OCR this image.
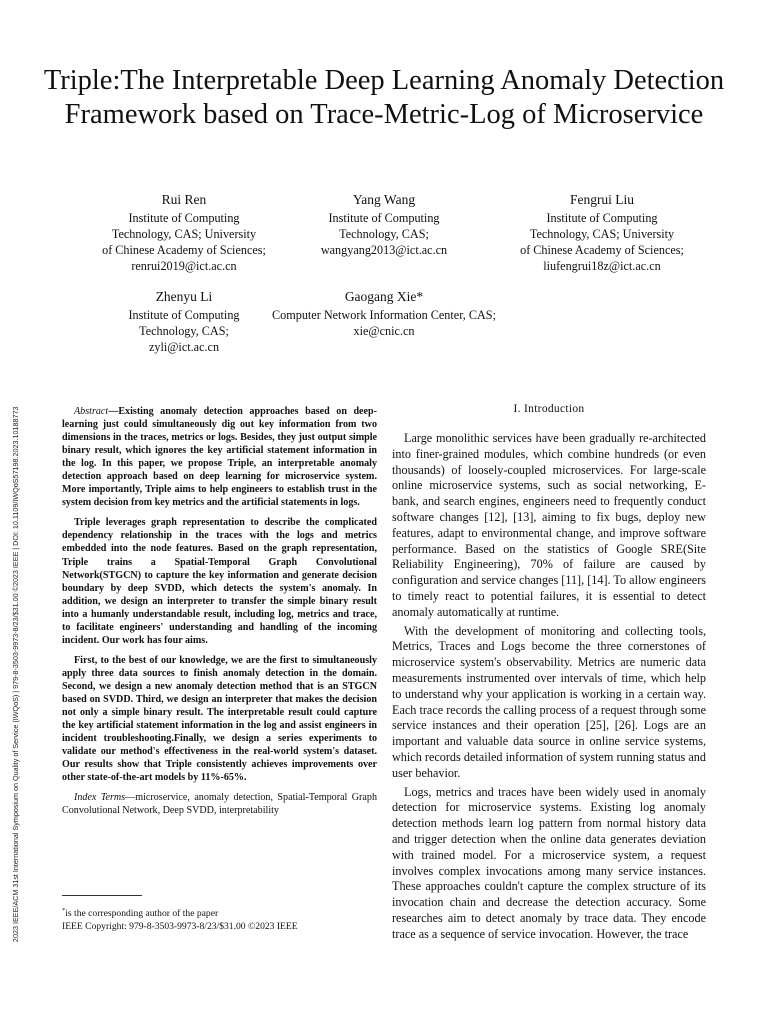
2023 IEEE/ACM 31st International Symposium on Quality of Service (IWQoS) | 979-8-3503-9973-8/23/$31.00 ©2023 IEEE | DOI: 10.1109/IWQoS57198.2023.10188773
Triple:The Interpretable Deep Learning Anomaly Detection Framework based on Trace-Metric-Log of Microservice
Rui Ren
Institute of Computing
Technology, CAS; University
of Chinese Academy of Sciences;
renrui2019@ict.ac.cn
Yang Wang
Institute of Computing
Technology, CAS;
wangyang2013@ict.ac.cn
Fengrui Liu
Institute of Computing
Technology, CAS; University
of Chinese Academy of Sciences;
liufengrui18z@ict.ac.cn
Zhenyu Li
Institute of Computing
Technology, CAS;
zyli@ict.ac.cn
Gaogang Xie*
Computer Network Information Center, CAS;
xie@cnic.cn

Abstract—Existing anomaly detection approaches based on deep-learning just could simultaneously dig out key information from two dimensions in the traces, metrics or logs. Besides, they just output simple binary result, which ignores the key artificial statement information in the log. In this paper, we propose Triple, an interpretable anomaly detection approach based on deep learning for microservice system. More importantly, Triple aims to help engineers to establish trust in the system decision from key metrics and the artificial statements in logs.

Triple leverages graph representation to describe the complicated dependency relationship in the traces with the logs and metrics embedded into the node features. Based on the graph representation, Triple trains a Spatial-Temporal Graph Convolutional Network(STGCN) to capture the key information and generate decision boundary by deep SVDD, which detects the system's anomaly. In addition, we design an interpreter to transfer the simple binary result into a humanly understandable result, including log, metrics and trace, to facilitate engineers' understanding and handling of the incoming incident. Our work has four aims.

First, to the best of our knowledge, we are the first to simultaneously apply three data sources to finish anomaly detection in the domain. Second, we design a new anomaly detection method that is an STGCN based on SVDD. Third, we design an interpreter that makes the decision not only a simple binary result. The interpretable result could capture the key artificial statement information in the log and assist engineers in incident troubleshooting.Finally, we design a series experiments to validate our method's effectiveness in the real-world system's dataset. Our results show that Triple consistently achieves improvements over other state-of-the-art models by 11%-65%.

Index Terms—microservice, anomaly detection, Spatial-Temporal Graph Convolutional Network, Deep SVDD, interpretability

*is the corresponding author of the paper
IEEE Copyright: 979-8-3503-9973-8/23/$31.00 ©2023 IEEE
I. Introduction

Large monolithic services have been gradually re-architected into finer-grained modules, which combine hundreds (or even thousands) of loosely-coupled microservices. For large-scale online microservice systems, such as social networking, E-bank, and search engines, engineers need to frequently conduct software changes [12], [13], aiming to fix bugs, deploy new features, adapt to environmental change, and improve software performance. Based on the statistics of Google SRE(Site Reliability Engineering), 70% of failure are caused by configuration and service changes [11], [14]. To allow engineers to timely react to potential failures, it is essential to detect anomaly automatically at runtime.

With the development of monitoring and collecting tools, Metrics, Traces and Logs become the three cornerstones of microservice system's observability. Metrics are numeric data measurements instrumented over intervals of time, which help to understand why your application is working in a certain way. Each trace records the calling process of a request through some service instances and their operation [25], [26]. Logs are an important and valuable data source in online service systems, which records detailed information of system running status and user behavior.

Logs, metrics and traces have been widely used in anomaly detection for microservice systems. Existing log anomaly detection methods learn log pattern from normal history data and trigger detection when the online data generates deviation with trained model. For a microservice system, a request involves complex invocations among many service instances. These approaches couldn't capture the complex structure of its invocation chain and decrease the detection accuracy. Some researches aim to detect anomaly by trace data. They encode trace as a sequence of service invocation. However, the trace
